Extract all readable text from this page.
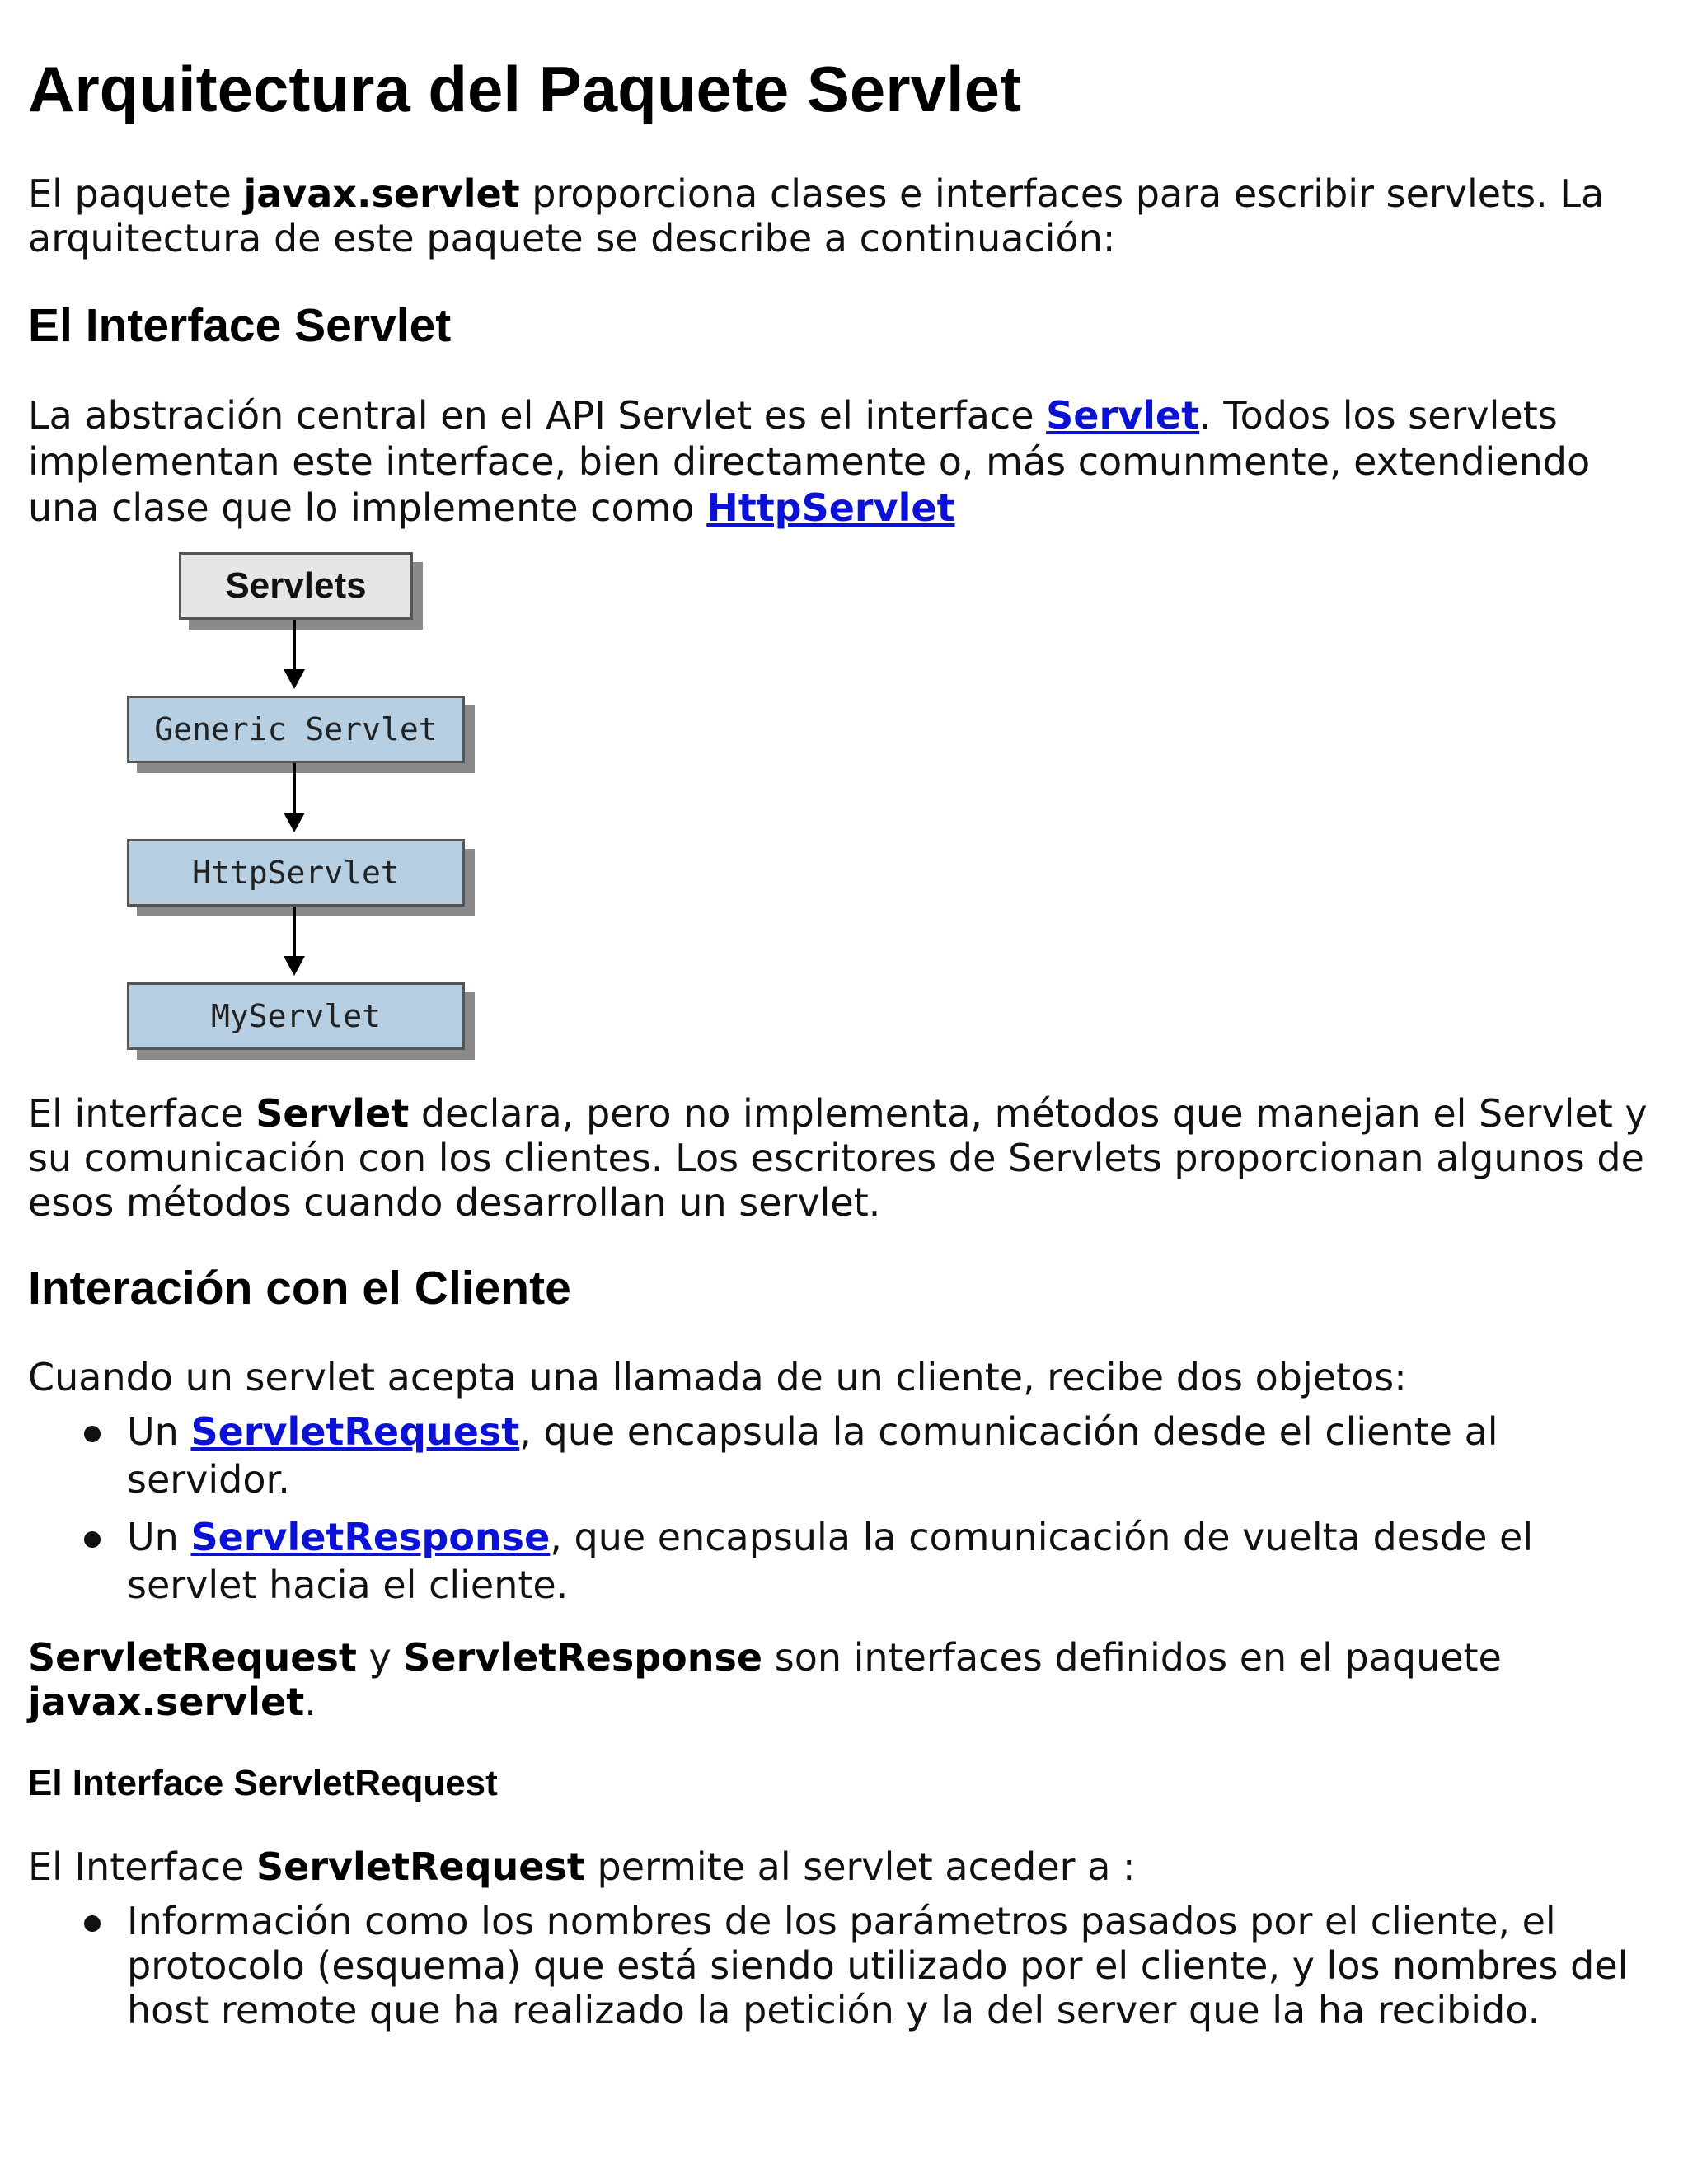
Arquitectura del Paquete Servlet

El paquete javax.servlet proporciona clases e interfaces para escribir servlets. La arquitectura de este paquete se describe a continuación:

El Interface Servlet

La abstración central en el API Servlet es el interface Servlet. Todos los servlets implementan este interface, bien directamente o, más comunmente, extendiendo una clase que lo implemente como HttpServlet

Servlets
Generic Servlet
HttpServlet
MyServlet

El interface Servlet declara, pero no implementa, métodos que manejan el Servlet y su comunicación con los clientes. Los escritores de Servlets proporcionan algunos de esos métodos cuando desarrollan un servlet.

Interación con el Cliente

Cuando un servlet acepta una llamada de un cliente, recibe dos objetos:

Un ServletRequest, que encapsula la comunicación desde el cliente al servidor.
Un ServletResponse, que encapsula la comunicación de vuelta desde el servlet hacia el cliente.

ServletRequest y ServletResponse son interfaces definidos en el paquete javax.servlet.

El Interface ServletRequest

El Interface ServletRequest permite al servlet aceder a :

Información como los nombres de los parámetros pasados por el cliente, el protocolo (esquema) que está siendo utilizado por el cliente, y los nombres del host remote que ha realizado la petición y la del server que la ha recibido.
